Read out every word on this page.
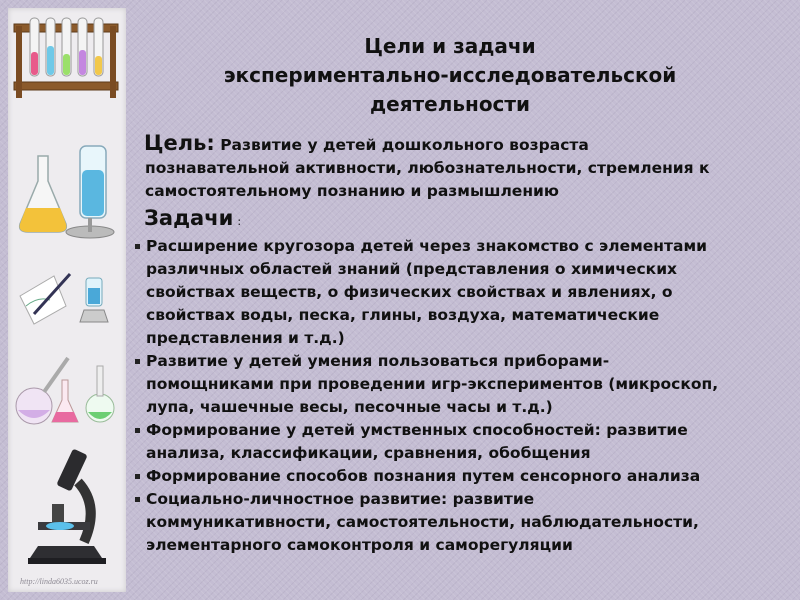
http://linda6035.ucoz.ru
Цели и задачи
экспериментально-исследовательской
деятельности
Цель: Развитие у детей дошкольного возраста
познавательной активности, любознательности, стремления к
самостоятельному познанию и размышлению
Задачи :
Расширение кругозора детей через знакомство с элементами
различных областей знаний (представления о химических
свойствах веществ, о физических свойствах и явлениях, о
свойствах воды, песка, глины, воздуха, математические
представления и т.д.)
Развитие у детей умения пользоваться приборами-
помощниками при проведении игр-экспериментов (микроскоп,
лупа, чашечные весы, песочные часы и т.д.)
Формирование у детей умственных способностей: развитие
анализа, классификации, сравнения, обобщения
Формирование способов познания путем сенсорного анализа
Социально-личностное развитие: развитие
коммуникативности, самостоятельности, наблюдательности,
элементарного самоконтроля и саморегуляции
